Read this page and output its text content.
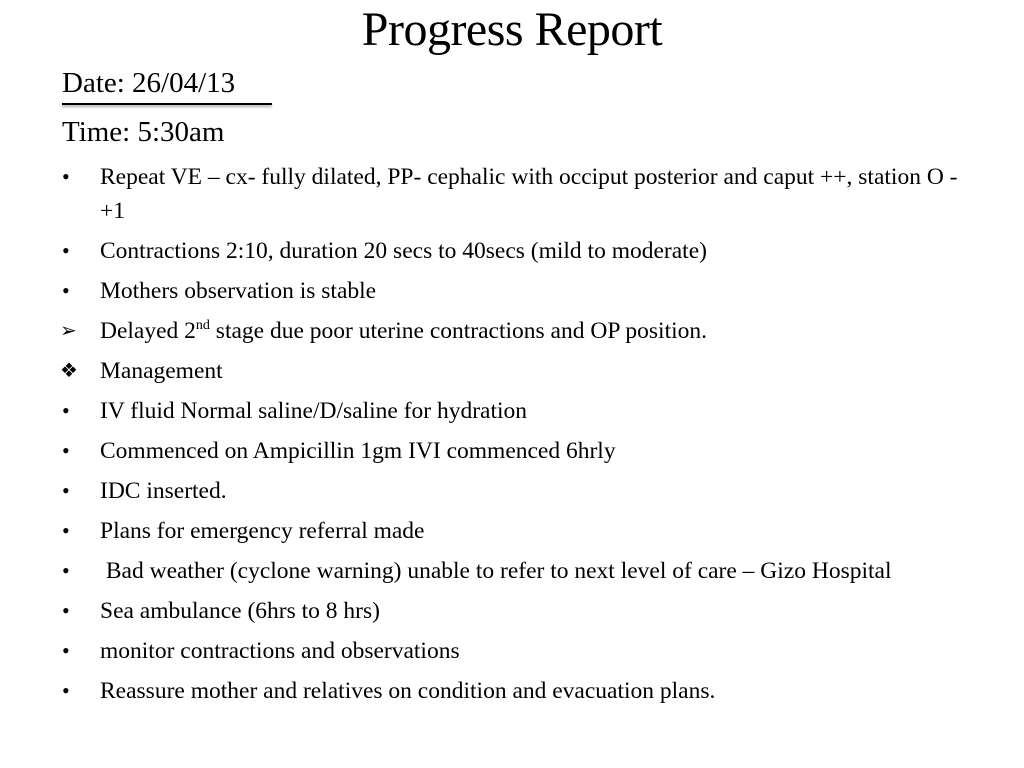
Progress Report
Date: 26/04/13
Time: 5:30am
•	Repeat VE – cx- fully dilated, PP- cephalic with occiput posterior and caput ++, station O -+1
•	Contractions 2:10, duration 20 secs to 40secs (mild to moderate)
•	Mothers observation is stable
➢ Delayed 2nd stage due poor uterine contractions and OP position.
❖ Management
•	IV fluid Normal saline/D/saline for hydration
•	Commenced on Ampicillin 1gm IVI commenced 6hrly
•	IDC inserted.
•	Plans for emergency referral made
•	Bad weather (cyclone warning) unable to refer to next level of care – Gizo Hospital
•	Sea ambulance (6hrs to 8 hrs)
•	monitor contractions and observations
•	Reassure mother and relatives on condition and evacuation plans.
